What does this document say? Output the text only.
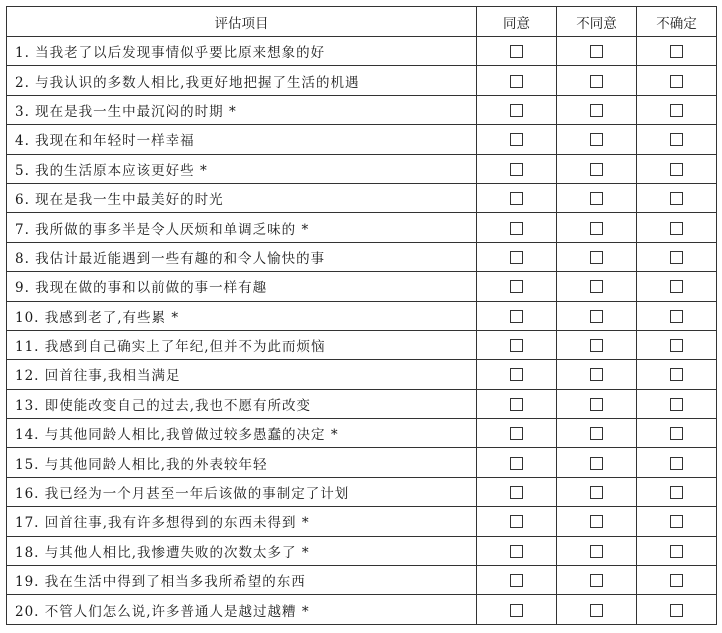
评估项目	同意	不同意	不确定
1. 当我老了以后发现事情似乎要比原来想象的好			
2. 与我认识的多数人相比,我更好地把握了生活的机遇			
3. 现在是我一生中最沉闷的时期 *			
4. 我现在和年轻时一样幸福			
5. 我的生活原本应该更好些 *			
6. 现在是我一生中最美好的时光			
7. 我所做的事多半是令人厌烦和单调乏味的 *			
8. 我估计最近能遇到一些有趣的和令人愉快的事			
9. 我现在做的事和以前做的事一样有趣			
10. 我感到老了,有些累 *			
11. 我感到自己确实上了年纪,但并不为此而烦恼			
12. 回首往事,我相当满足			
13. 即使能改变自己的过去,我也不愿有所改变			
14. 与其他同龄人相比,我曾做过较多愚蠢的决定 *			
15. 与其他同龄人相比,我的外表较年轻			
16. 我已经为一个月甚至一年后该做的事制定了计划			
17. 回首往事,我有许多想得到的东西未得到 *			
18. 与其他人相比,我惨遭失败的次数太多了 *			
19. 我在生活中得到了相当多我所希望的东西			
20. 不管人们怎么说,许多普通人是越过越糟 *			
